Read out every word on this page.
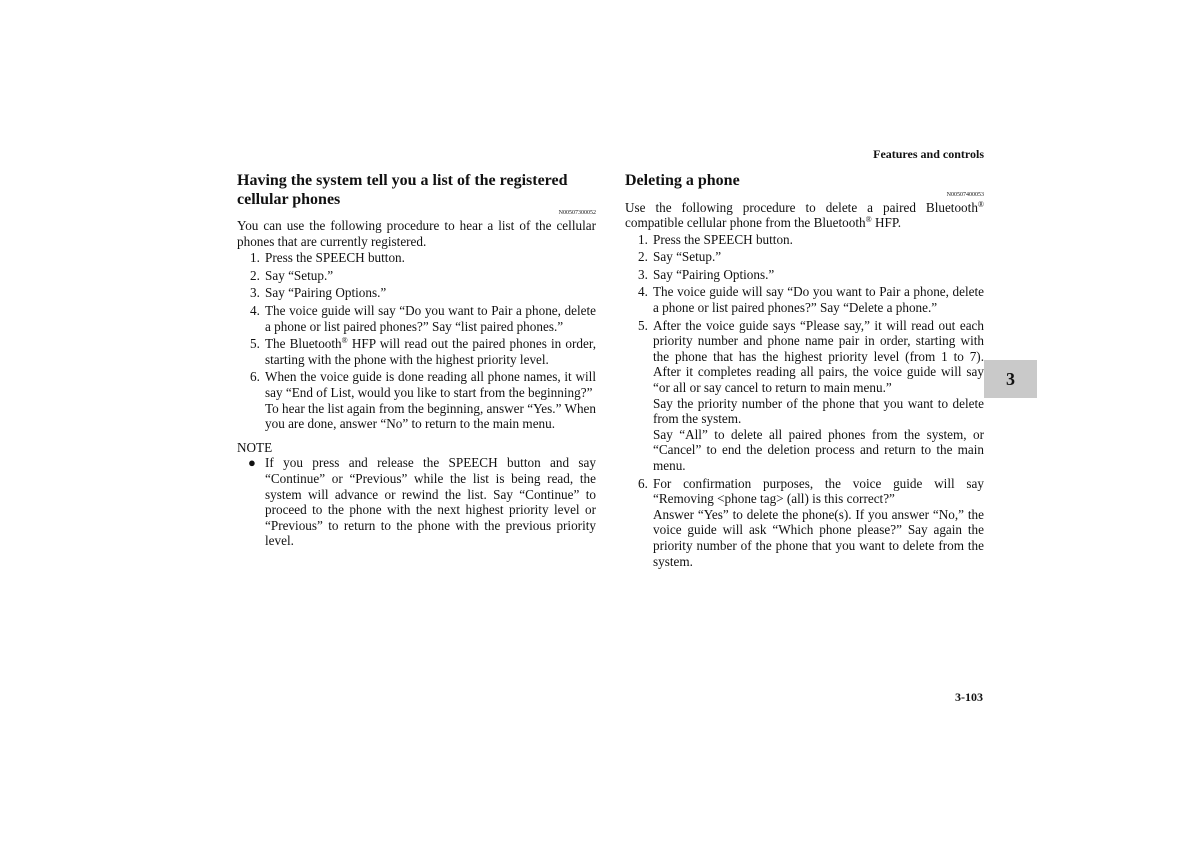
Features and controls
Having the system tell you a list of the registered cellular phones
N00507300052

You can use the following procedure to hear a list of the cellular phones that are currently registered.

1. Press the SPEECH button.
2. Say “Setup.”
3. Say “Pairing Options.”
4. The voice guide will say “Do you want to Pair a phone, delete a phone or list paired phones?” Say “list paired phones.”
5. The Bluetooth® HFP will read out the paired phones in order, starting with the phone with the highest priority level.
6. When the voice guide is done reading all phone names, it will say “End of List, would you like to start from the beginning?”
To hear the list again from the beginning, answer “Yes.” When you are done, answer “No” to return to the main menu.
NOTE
● If you press and release the SPEECH button and say “Continue” or “Previous” while the list is being read, the system will advance or rewind the list. Say “Continue” to proceed to the phone with the next highest priority level or “Previous” to return to the phone with the previous priority level.

Deleting a phone
N00507400053

Use the following procedure to delete a paired Bluetooth® compatible cellular phone from the Bluetooth® HFP.

1. Press the SPEECH button.
2. Say “Setup.”
3. Say “Pairing Options.”
4. The voice guide will say “Do you want to Pair a phone, delete a phone or list paired phones?” Say “Delete a phone.”
5. After the voice guide says “Please say,” it will read out each priority number and phone name pair in order, starting with the phone that has the highest priority level (from 1 to 7). After it completes reading all pairs, the voice guide will say “or all or say cancel to return to main menu.”
Say the priority number of the phone that you want to delete from the system.
Say “All” to delete all paired phones from the system, or “Cancel” to end the deletion process and return to the main menu.
6. For confirmation purposes, the voice guide will say “Removing <phone tag> (all) is this correct?”
Answer “Yes” to delete the phone(s). If you answer “No,” the voice guide will ask “Which phone please?” Say again the priority number of the phone that you want to delete from the system.
3
3-103
